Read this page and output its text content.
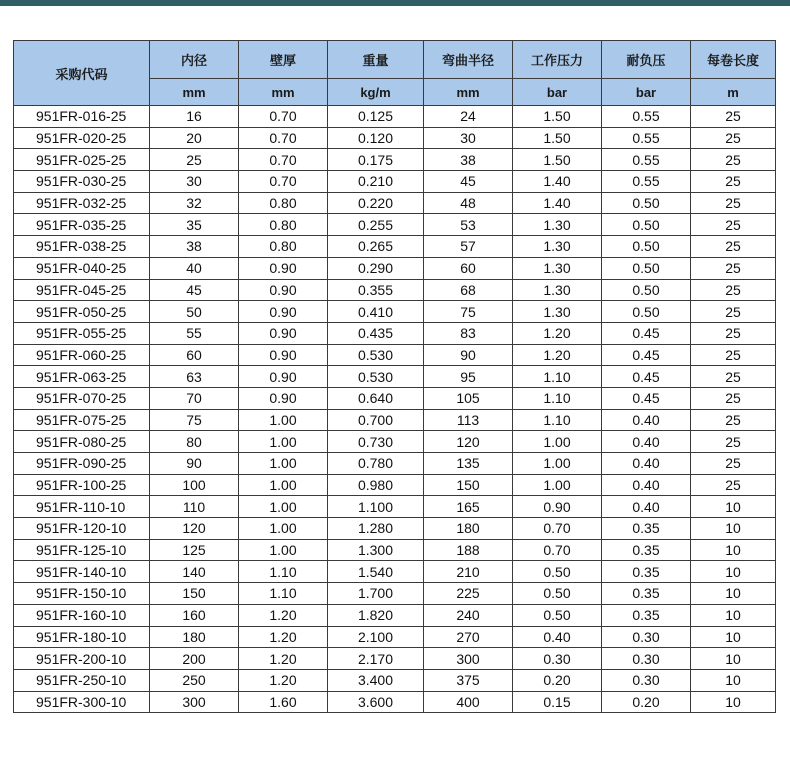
采购代码	内径	壁厚	重量	弯曲半径	工作压力	耐负压	每卷长度
	mm	mm	kg/m	mm	bar	bar	m
951FR-016-25	16	0.70	0.125	24	1.50	0.55	25
951FR-020-25	20	0.70	0.120	30	1.50	0.55	25
951FR-025-25	25	0.70	0.175	38	1.50	0.55	25
951FR-030-25	30	0.70	0.210	45	1.40	0.55	25
951FR-032-25	32	0.80	0.220	48	1.40	0.50	25
951FR-035-25	35	0.80	0.255	53	1.30	0.50	25
951FR-038-25	38	0.80	0.265	57	1.30	0.50	25
951FR-040-25	40	0.90	0.290	60	1.30	0.50	25
951FR-045-25	45	0.90	0.355	68	1.30	0.50	25
951FR-050-25	50	0.90	0.410	75	1.30	0.50	25
951FR-055-25	55	0.90	0.435	83	1.20	0.45	25
951FR-060-25	60	0.90	0.530	90	1.20	0.45	25
951FR-063-25	63	0.90	0.530	95	1.10	0.45	25
951FR-070-25	70	0.90	0.640	105	1.10	0.45	25
951FR-075-25	75	1.00	0.700	113	1.10	0.40	25
951FR-080-25	80	1.00	0.730	120	1.00	0.40	25
951FR-090-25	90	1.00	0.780	135	1.00	0.40	25
951FR-100-25	100	1.00	0.980	150	1.00	0.40	25
951FR-110-10	110	1.00	1.100	165	0.90	0.40	10
951FR-120-10	120	1.00	1.280	180	0.70	0.35	10
951FR-125-10	125	1.00	1.300	188	0.70	0.35	10
951FR-140-10	140	1.10	1.540	210	0.50	0.35	10
951FR-150-10	150	1.10	1.700	225	0.50	0.35	10
951FR-160-10	160	1.20	1.820	240	0.50	0.35	10
951FR-180-10	180	1.20	2.100	270	0.40	0.30	10
951FR-200-10	200	1.20	2.170	300	0.30	0.30	10
951FR-250-10	250	1.20	3.400	375	0.20	0.30	10
951FR-300-10	300	1.60	3.600	400	0.15	0.20	10
